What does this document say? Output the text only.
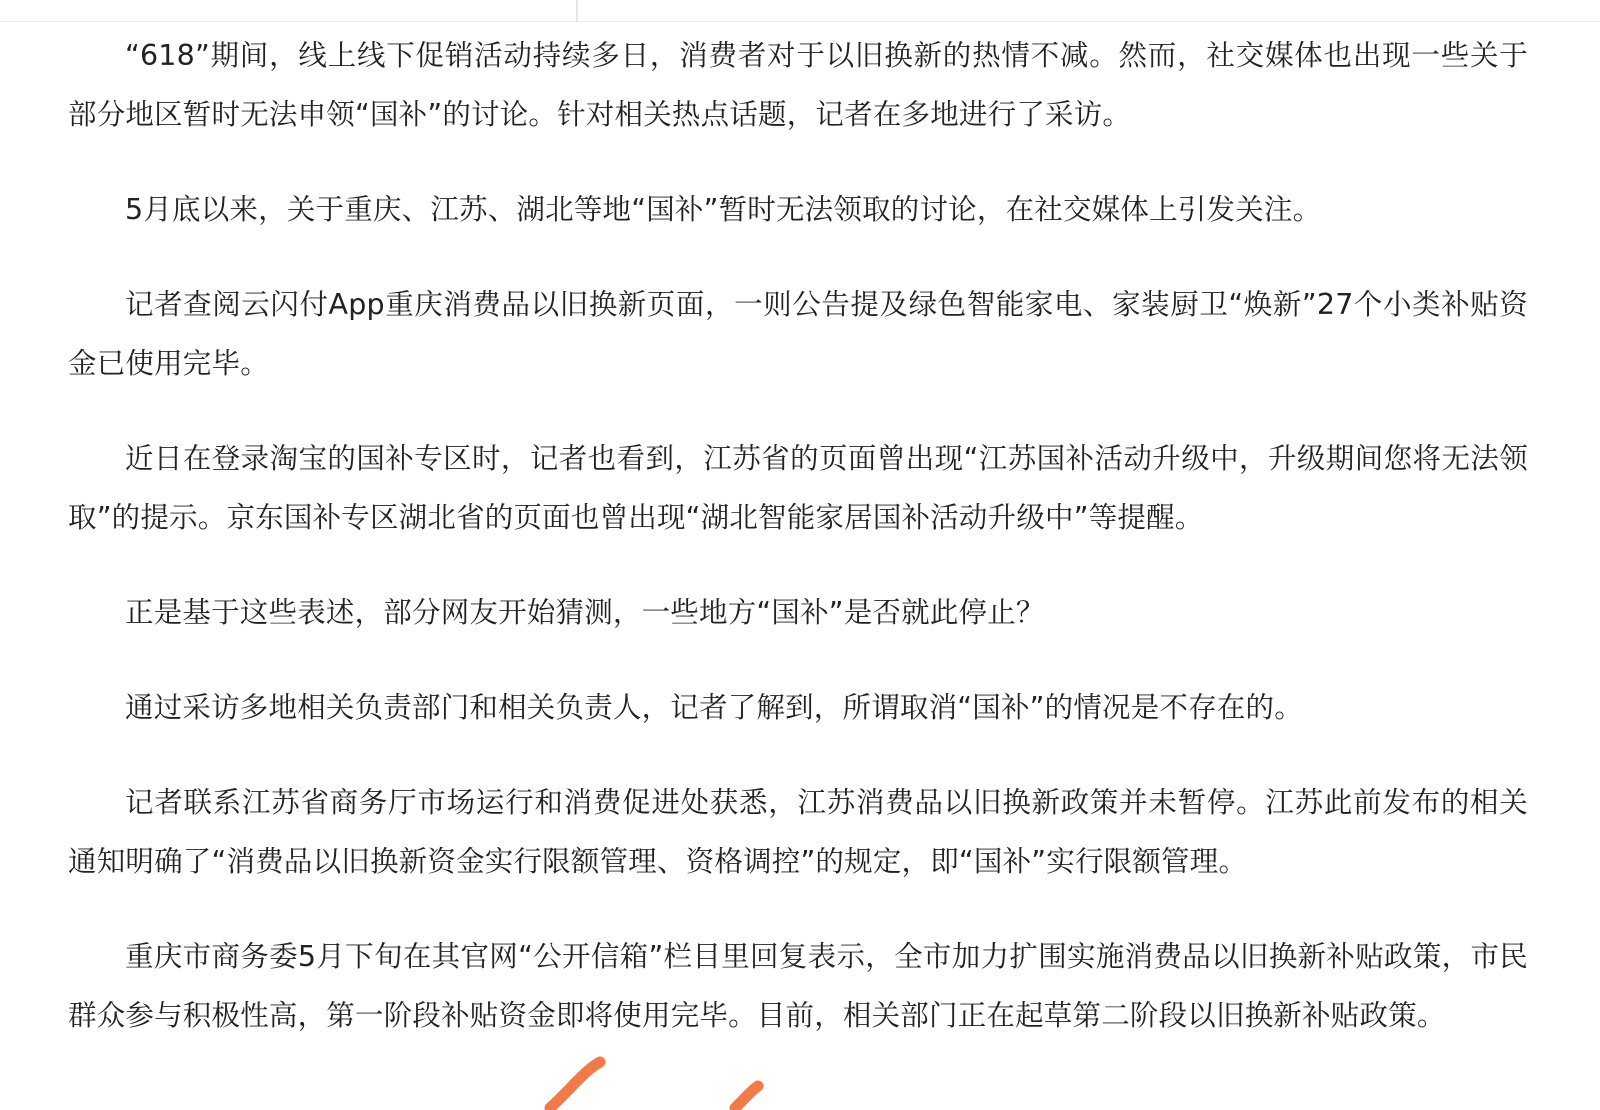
“618”期间，线上线下促销活动持续多日，消费者对于以旧换新的热情不减。然而，社交媒体也出现一些关于部分地区暂时无法申领“国补”的讨论。针对相关热点话题，记者在多地进行了采访。

5月底以来，关于重庆、江苏、湖北等地“国补”暂时无法领取的讨论，在社交媒体上引发关注。

记者查阅云闪付App重庆消费品以旧换新页面，一则公告提及绿色智能家电、家装厨卫“焕新”27个小类补贴资金已使用完毕。

近日在登录淘宝的国补专区时，记者也看到，江苏省的页面曾出现“江苏国补活动升级中，升级期间您将无法领取”的提示。京东国补专区湖北省的页面也曾出现“湖北智能家居国补活动升级中”等提醒。

正是基于这些表述，部分网友开始猜测，一些地方“国补”是否就此停止？

通过采访多地相关负责部门和相关负责人，记者了解到，所谓取消“国补”的情况是不存在的。

记者联系江苏省商务厅市场运行和消费促进处获悉，江苏消费品以旧换新政策并未暂停。江苏此前发布的相关通知明确了“消费品以旧换新资金实行限额管理、资格调控”的规定，即“国补”实行限额管理。

重庆市商务委5月下旬在其官网“公开信箱”栏目里回复表示，全市加力扩围实施消费品以旧换新补贴政策，市民群众参与积极性高，第一阶段补贴资金即将使用完毕。目前，相关部门正在起草第二阶段以旧换新补贴政策。
